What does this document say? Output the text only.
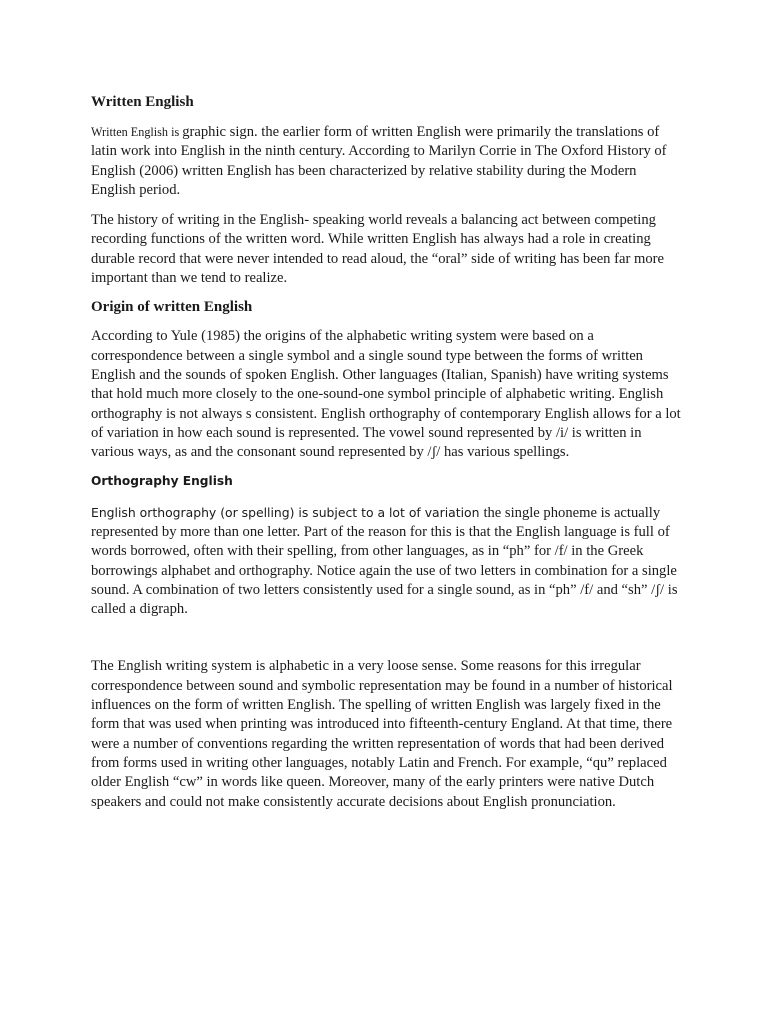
Written English

Written English is graphic sign. the earlier form of written English were primarily the translations of latin work into English in the ninth century. According to Marilyn Corrie in The Oxford History of English (2006) written English has been characterized by relative stability during the Modern English period.

The history of writing in the English- speaking world reveals a balancing act between competing recording functions of the written word. While written English has always had a role in creating durable record that were never intended to read aloud, the “oral” side of writing has been far more important than we tend to realize.

Origin of written English

According to Yule (1985) the origins of the alphabetic writing system were based on a correspondence between a single symbol and a single sound type between the forms of written English and the sounds of spoken English. Other languages (Italian, Spanish) have writing systems that hold much more closely to the one-sound-one symbol principle of alphabetic writing. English orthography is not always s consistent. English orthography of contemporary English allows for a lot of variation in how each sound is represented. The vowel sound represented by /i/ is written in various ways, as and the consonant sound represented by /ʃ/ has various spellings.

Orthography English

English orthography (or spelling) is subject to a lot of variation the single phoneme is actually represented by more than one letter. Part of the reason for this is that the English language is full of words borrowed, often with their spelling, from other languages, as in “ph” for /f/ in the Greek borrowings alphabet and orthography. Notice again the use of two letters in combination for a single sound. A combination of two letters consistently used for a single sound, as in “ph” /f/ and “sh” /ʃ/ is called a digraph.

The English writing system is alphabetic in a very loose sense. Some reasons for this irregular correspondence between sound and symbolic representation may be found in a number of historical influences on the form of written English. The spelling of written English was largely fixed in the form that was used when printing was introduced into fifteenth-century England. At that time, there were a number of conventions regarding the written representation of words that had been derived from forms used in writing other languages, notably Latin and French. For example, “qu” replaced older English “cw” in words like queen. Moreover, many of the early printers were native Dutch speakers and could not make consistently accurate decisions about English pronunciation.
